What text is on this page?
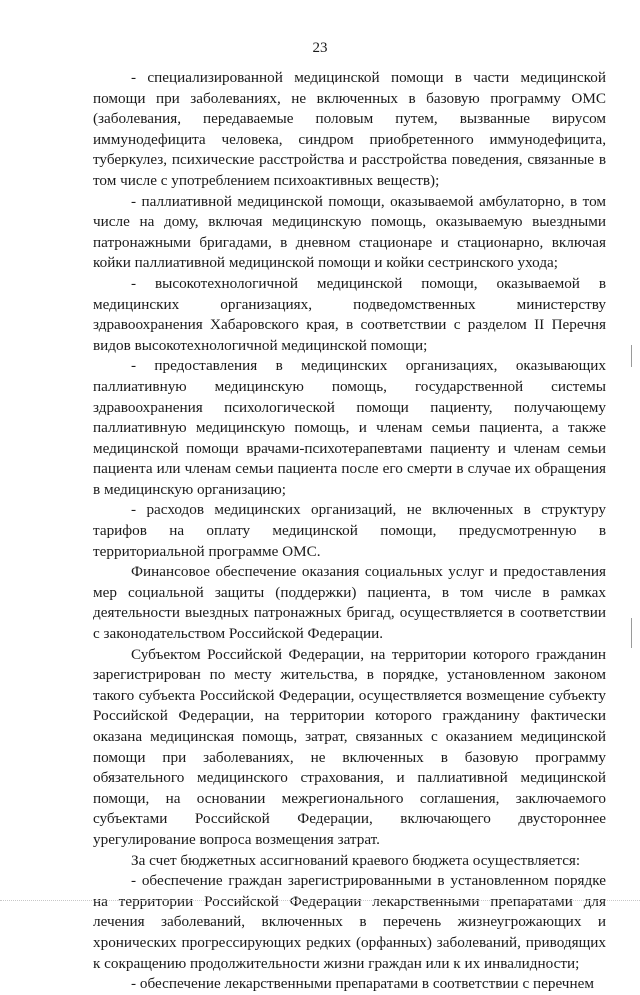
23

- специализированной медицинской помощи в части медицинской помощи при заболеваниях, не включенных в базовую программу ОМС (заболевания, передаваемые половым путем, вызванные вирусом иммунодефицита человека, синдром приобретенного иммунодефицита, туберкулез, психические расстройства и расстройства поведения, связанные в том числе с употреблением психоактивных веществ);

- паллиативной медицинской помощи, оказываемой амбулаторно, в том числе на дому, включая медицинскую помощь, оказываемую выездными патронажными бригадами, в дневном стационаре и стационарно, включая койки паллиативной медицинской помощи и койки сестринского ухода;

- высокотехнологичной медицинской помощи, оказываемой в медицинских организациях, подведомственных министерству здравоохранения Хабаровского края, в соответствии с разделом II Перечня видов высокотехнологичной медицинской помощи;

- предоставления в медицинских организациях, оказывающих паллиативную медицинскую помощь, государственной системы здравоохранения психологической помощи пациенту, получающему паллиативную медицинскую помощь, и членам семьи пациента, а также медицинской помощи врачами-психотерапевтами пациенту и членам семьи пациента или членам семьи пациента после его смерти в случае их обращения в медицинскую организацию;

- расходов медицинских организаций, не включенных в структуру тарифов на оплату медицинской помощи, предусмотренную в территориальной программе ОМС.

Финансовое обеспечение оказания социальных услуг и предоставления мер социальной защиты (поддержки) пациента, в том числе в рамках деятельности выездных патронажных бригад, осуществляется в соответствии с законодательством Российской Федерации.

Субъектом Российской Федерации, на территории которого гражданин зарегистрирован по месту жительства, в порядке, установленном законом такого субъекта Российской Федерации, осуществляется возмещение субъекту Российской Федерации, на территории которого гражданину фактически оказана медицинская помощь, затрат, связанных с оказанием медицинской помощи при заболеваниях, не включенных в базовую программу обязательного медицинского страхования, и паллиативной медицинской помощи, на основании межрегионального соглашения, заключаемого субъектами Российской Федерации, включающего двустороннее урегулирование вопроса возмещения затрат.

За счет бюджетных ассигнований краевого бюджета осуществляется:

- обеспечение граждан зарегистрированными в установленном порядке на территории Российской Федерации лекарственными препаратами для лечения заболеваний, включенных в перечень жизнеугрожающих и хронических прогрессирующих редких (орфанных) заболеваний, приводящих к сокращению продолжительности жизни граждан или к их инвалидности;

- обеспечение лекарственными препаратами в соответствии с перечнем
